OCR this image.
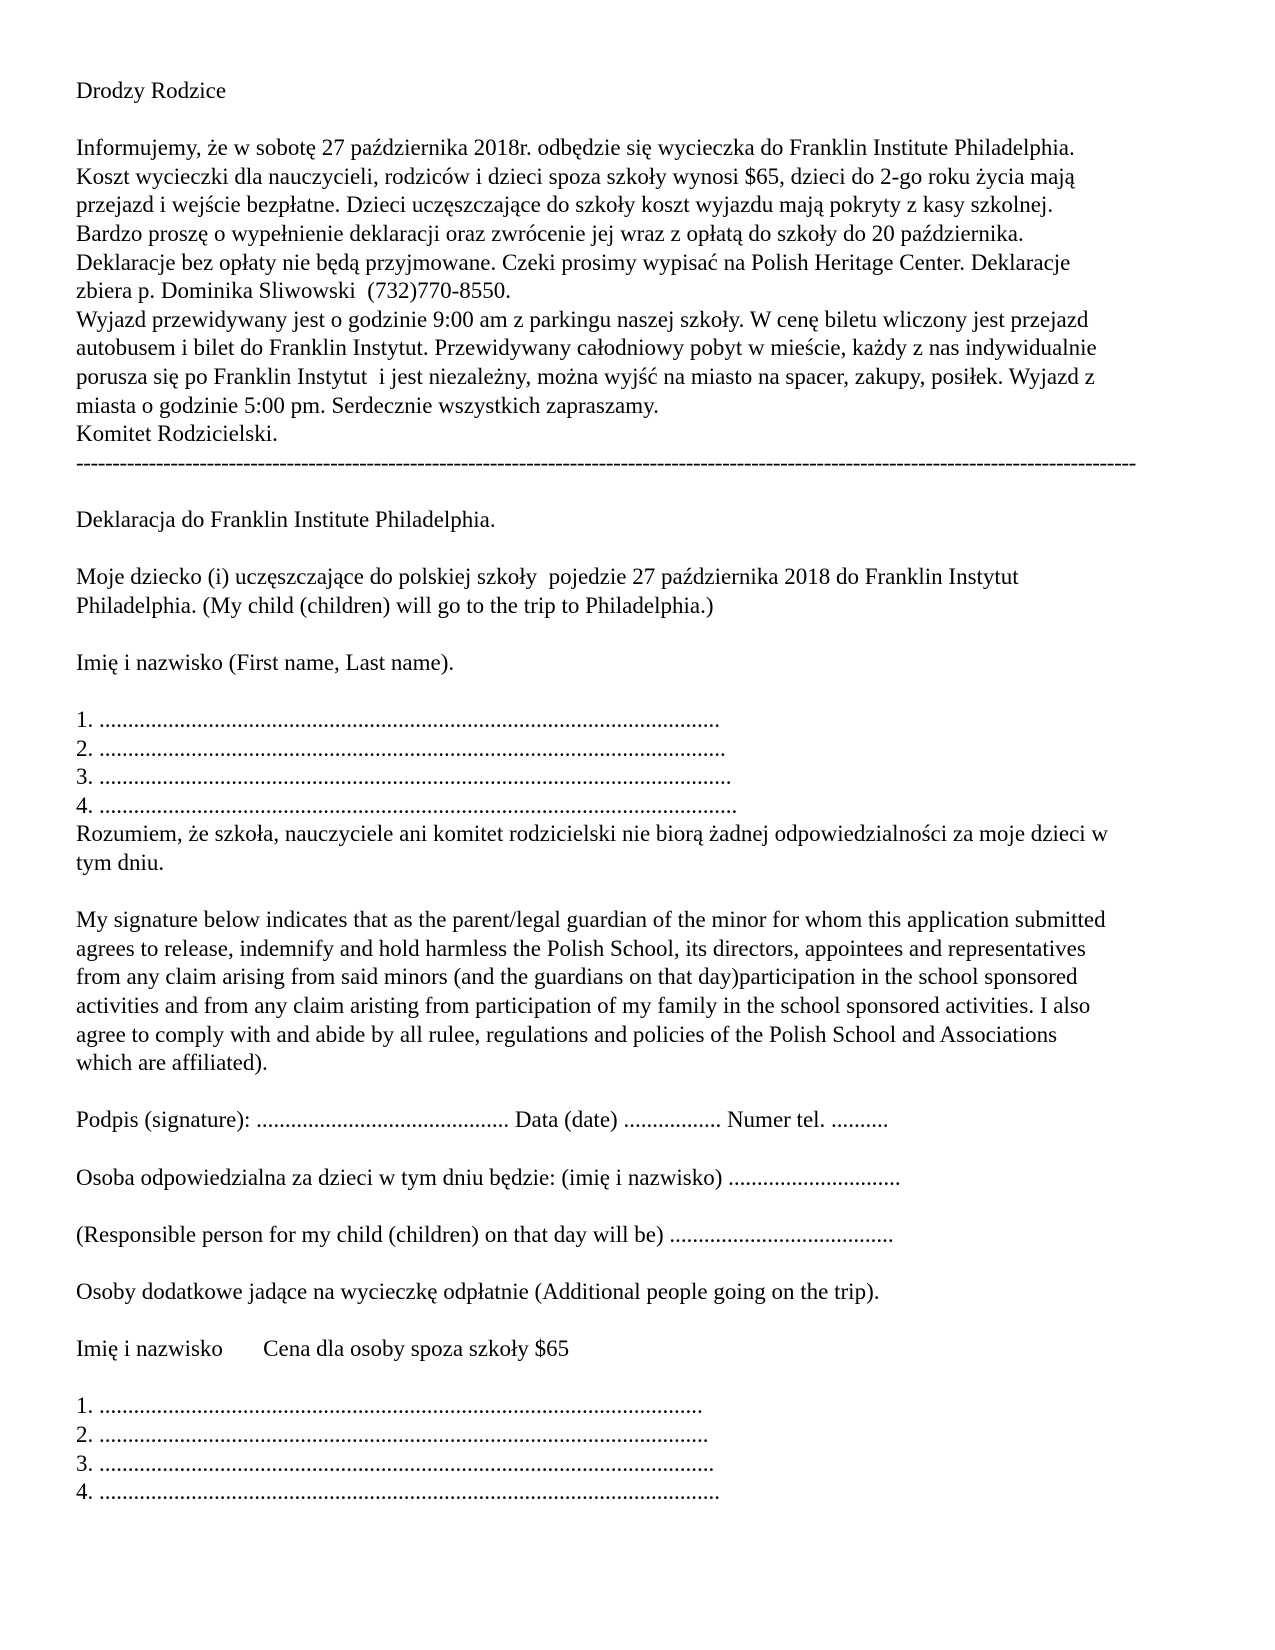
Drodzy Rodzice
Informujemy, że w sobotę 27 października 2018r. odbędzie się wycieczka do Franklin Institute Philadelphia.
Koszt wycieczki dla nauczycieli, rodziców i dzieci spoza szkoły wynosi $65, dzieci do 2-go roku życia mają
przejazd i wejście bezpłatne. Dzieci uczęszczające do szkoły koszt wyjazdu mają pokryty z kasy szkolnej.
Bardzo proszę o wypełnienie deklaracji oraz zwrócenie jej wraz z opłatą do szkoły do 20 października.
Deklaracje bez opłaty nie będą przyjmowane. Czeki prosimy wypisać na Polish Heritage Center. Deklaracje
zbiera p. Dominika Sliwowski  (732)770-8550.
Wyjazd przewidywany jest o godzinie 9:00 am z parkingu naszej szkoły. W cenę biletu wliczony jest przejazd
autobusem i bilet do Franklin Instytut. Przewidywany całodniowy pobyt w mieście, każdy z nas indywidualnie
porusza się po Franklin Instytut  i jest niezależny, można wyjść na miasto na spacer, zakupy, posiłek. Wyjazd z
miasta o godzinie 5:00 pm. Serdecznie wszystkich zapraszamy.
Komitet Rodzicielski.
--------------------------------------------------------------------------------------------------------------------------------------------------
Deklaracja do Franklin Institute Philadelphia.
Moje dziecko (i) uczęszczające do polskiej szkoły  pojedzie 27 października 2018 do Franklin Instytut
Philadelphia. (My child (children) will go to the trip to Philadelphia.)
Imię i nazwisko (First name, Last name).
1. ............................................................................................................
2. .............................................................................................................
3. ..............................................................................................................
4. ...............................................................................................................
Rozumiem, że szkoła, nauczyciele ani komitet rodzicielski nie biorą żadnej odpowiedzialności za moje dzieci w
tym dniu.
My signature below indicates that as the parent/legal guardian of the minor for whom this application submitted
agrees to release, indemnify and hold harmless the Polish School, its directors, appointees and representatives
from any claim arising from said minors (and the guardians on that day)participation in the school sponsored
activities and from any claim aristing from participation of my family in the school sponsored activities. I also
agree to comply with and abide by all rulee, regulations and policies of the Polish School and Associations
which are affiliated).
Podpis (signature): ............................................ Data (date) ................. Numer tel. ..........
Osoba odpowiedzialna za dzieci w tym dniu będzie: (imię i nazwisko) ..............................
(Responsible person for my child (children) on that day will be) .......................................
Osoby dodatkowe jadące na wycieczkę odpłatnie (Additional people going on the trip).
Imię i nazwisko       Cena dla osoby spoza szkoły $65
1. .........................................................................................................
2. ..........................................................................................................
3. ...........................................................................................................
4. ............................................................................................................
